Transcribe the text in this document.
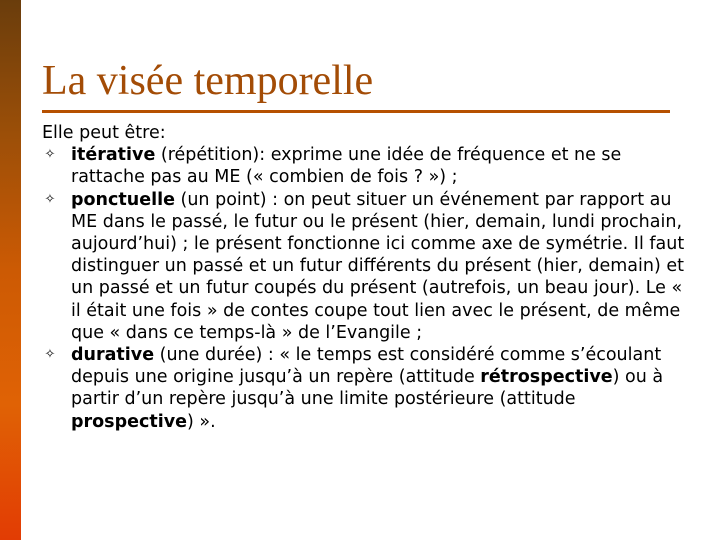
La visée temporelle

Elle peut être:

✧ itérative (répétition): exprime une idée de fréquence et ne se rattache pas au ME (« combien de fois ? ») ;
✧ ponctuelle (un point) : on peut situer un événement par rapport au ME dans le passé, le futur ou le présent (hier, demain, lundi prochain, aujourd’hui) ; le présent fonctionne ici comme axe de symétrie. Il faut distinguer un passé et un futur différents du présent (hier, demain) et un passé et un futur coupés du présent (autrefois, un beau jour). Le « il était une fois » de contes coupe tout lien avec le présent, de même que « dans ce temps-là » de l’Evangile ;
✧ durative (une durée) : « le temps est considéré comme s’écoulant depuis une origine jusqu’à un repère (attitude rétrospective) ou à partir d’un repère jusqu’à une limite postérieure (attitude prospective) ».
